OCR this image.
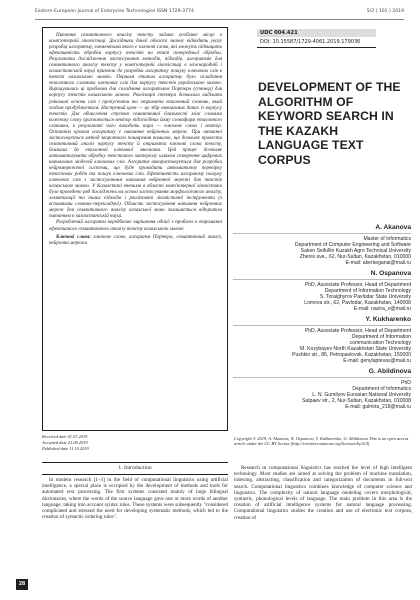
Eastern-European Journal of Enterprise Technologies ISSN 1729-3774	5/2 ( 101 ) 2019

Питання семантичного аналізу тексту займає особливе місце в комп'ютерній лінгвістиці. Дослідники даної області значну відводять увагу розробці алгоритму, елементами якого є ключові слова, які можуть підвищити ефективність обробки корпусу текстів на етапі попередньої обробки. Результати дослідження застосування методів, підходів, алгоритмів для семантичного аналізу тексту у комп'ютерній лінгвістиці в міжнародній і казахстанській науці призвели до розробки алгоритму пошуку ключових слів в тексті казахською мовою. Першим етапом алгоритму було складання еталонного словника ключових слів для корпусу текстів українською мовою. Вирішувались ці проблеми для складання алгоритмом Портера (стемер) для корпусу текстів казахською мовою. Реалізація стемера дозволила виділити унікальні основи слів і пропустити та отримати еталонний словник, який згодом продублюється. Наступний крок — це збір навчальних даних із корпусу текстів. Для обчислення ступеня семантичної близькості між словами кожному слову присвоюється вектор підстоїдних йому словоформ еталонного словника, в результаті чого виходить пара — ключове слово і вектор. Останнім кроком алгоритму є навчання нейронних мереж. При навчанні застосовується метод зворотного поширення помилок, що дозволяє провести семантичний аналіз корпусу тексту й отримати ключові слова тексту, близьких до еталонної ключової множини. Цей процес дозволяє автоматизувати обробку текстового матеріалу шляхом створення цифрових навчальних моделей ключових слів. Алгоритм використовується для розробки нейромережевої системи, що буде проводити автоматичну перевірку текстових робіт та пошук ключових слів. Ефективність алгоритму пошуку ключових слів з застосуванням навчання нейронної мережі для текстів казахською мовою. У Казахстані вченими в області комп'ютерної лінгвістики було проведено ряд досліджень на основі застосування морфологічного аналізу, лематизації та інших підходів і реалізовані лінгвістичні інструменти (з вставними словник-перекладачі). Область застосування навчання нейронних мереж для семантичного аналізу казахської мови залишається відкритим питанням в казахстанській науці.

Розроблений алгоритм передбачає вирішення однієї з проблем в отриманні ефективного семантичного аналізу тексту казахською мовою

Ключові слова: ключове слово, алгоритм Портера, семантичний аналіз, нейронна мережа
UDC 004.421
DOI: 10.15587/1729-4061.2019.179036
DEVELOPMENT OF THE ALGORITHM OF KEYWORD SEARCH IN THE KAZAKH LANGUAGE TEXT CORPUS
A. Akanova
Master of Informatics
Department of Computer Engineering and Software
Saken Seifullin Kazakh Agro Technical University
Zhenis ave., 62, Nur-Sultan, Kazakhstan, 010000
E-mail: akerkeganai@mail.ru
N. Ospanova
PhD, Associate Professor, Head of Department
Department of Information Technology
S. Toraighyrov Pavlodar State University
Lomova str., 62, Pavlodar, Kazakhstan, 140008
E-mail: nazira_n@mail.ru
Y. Kukharenko
PhD, Associate Professor, Head of Department
Department of Information
communication Technology
M. Kozybayev North Kazakhstan State University
Pushkin str., 86, Petropavlovsk, Kazakhstan, 150000
E-mail: genylaptevas@mail.ru
G. Abildinova
PhD
Department of Informatics
L. N. Gumilyov Eurasian National University
Satpaev str., 2, Nur-Sultan, Kazakhstan, 010008
E-mail: gulmira_218@mail.ru
Received date 01.07.2019
Accepted date 23.09.2019
Published date 11.10.2019
Copyright © 2019, A. Akanova, N. Ospanova, Y. Kukharenko, G. Abildinova This is an open access article under the CC BY license (http://creativecommons.org/licenses/by/4.0)
1. Introduction

In modern research [1–3] in the field of computational linguistics using artificial intelligence, a special place is occupied by the development of methods and tools for automated text processing. The first systems consisted mainly of large bilingual dictionaries, where the words of the source language gave one or more words of another language, taking into account syntax rules. These systems were subsequently "considered complicated and stressed the need for developing systematic methods, which led to the creation of syntactic ordering rules".

Research in computational linguistics has reached the level of high intelligent technology. Most studies are aimed at solving the problem of machine translation, indexing, abstracting, classification and categorization of documents in full-text search. Computational linguistics combines knowledge of computer science and linguistics. The complexity of natural language modeling covers morphological, syntactic, phonological levels of language. The main problem in this area is the creation of artificial intelligence systems for natural language processing. Computational linguistics studies the creation and use of electronic text corpora, creation of

28
